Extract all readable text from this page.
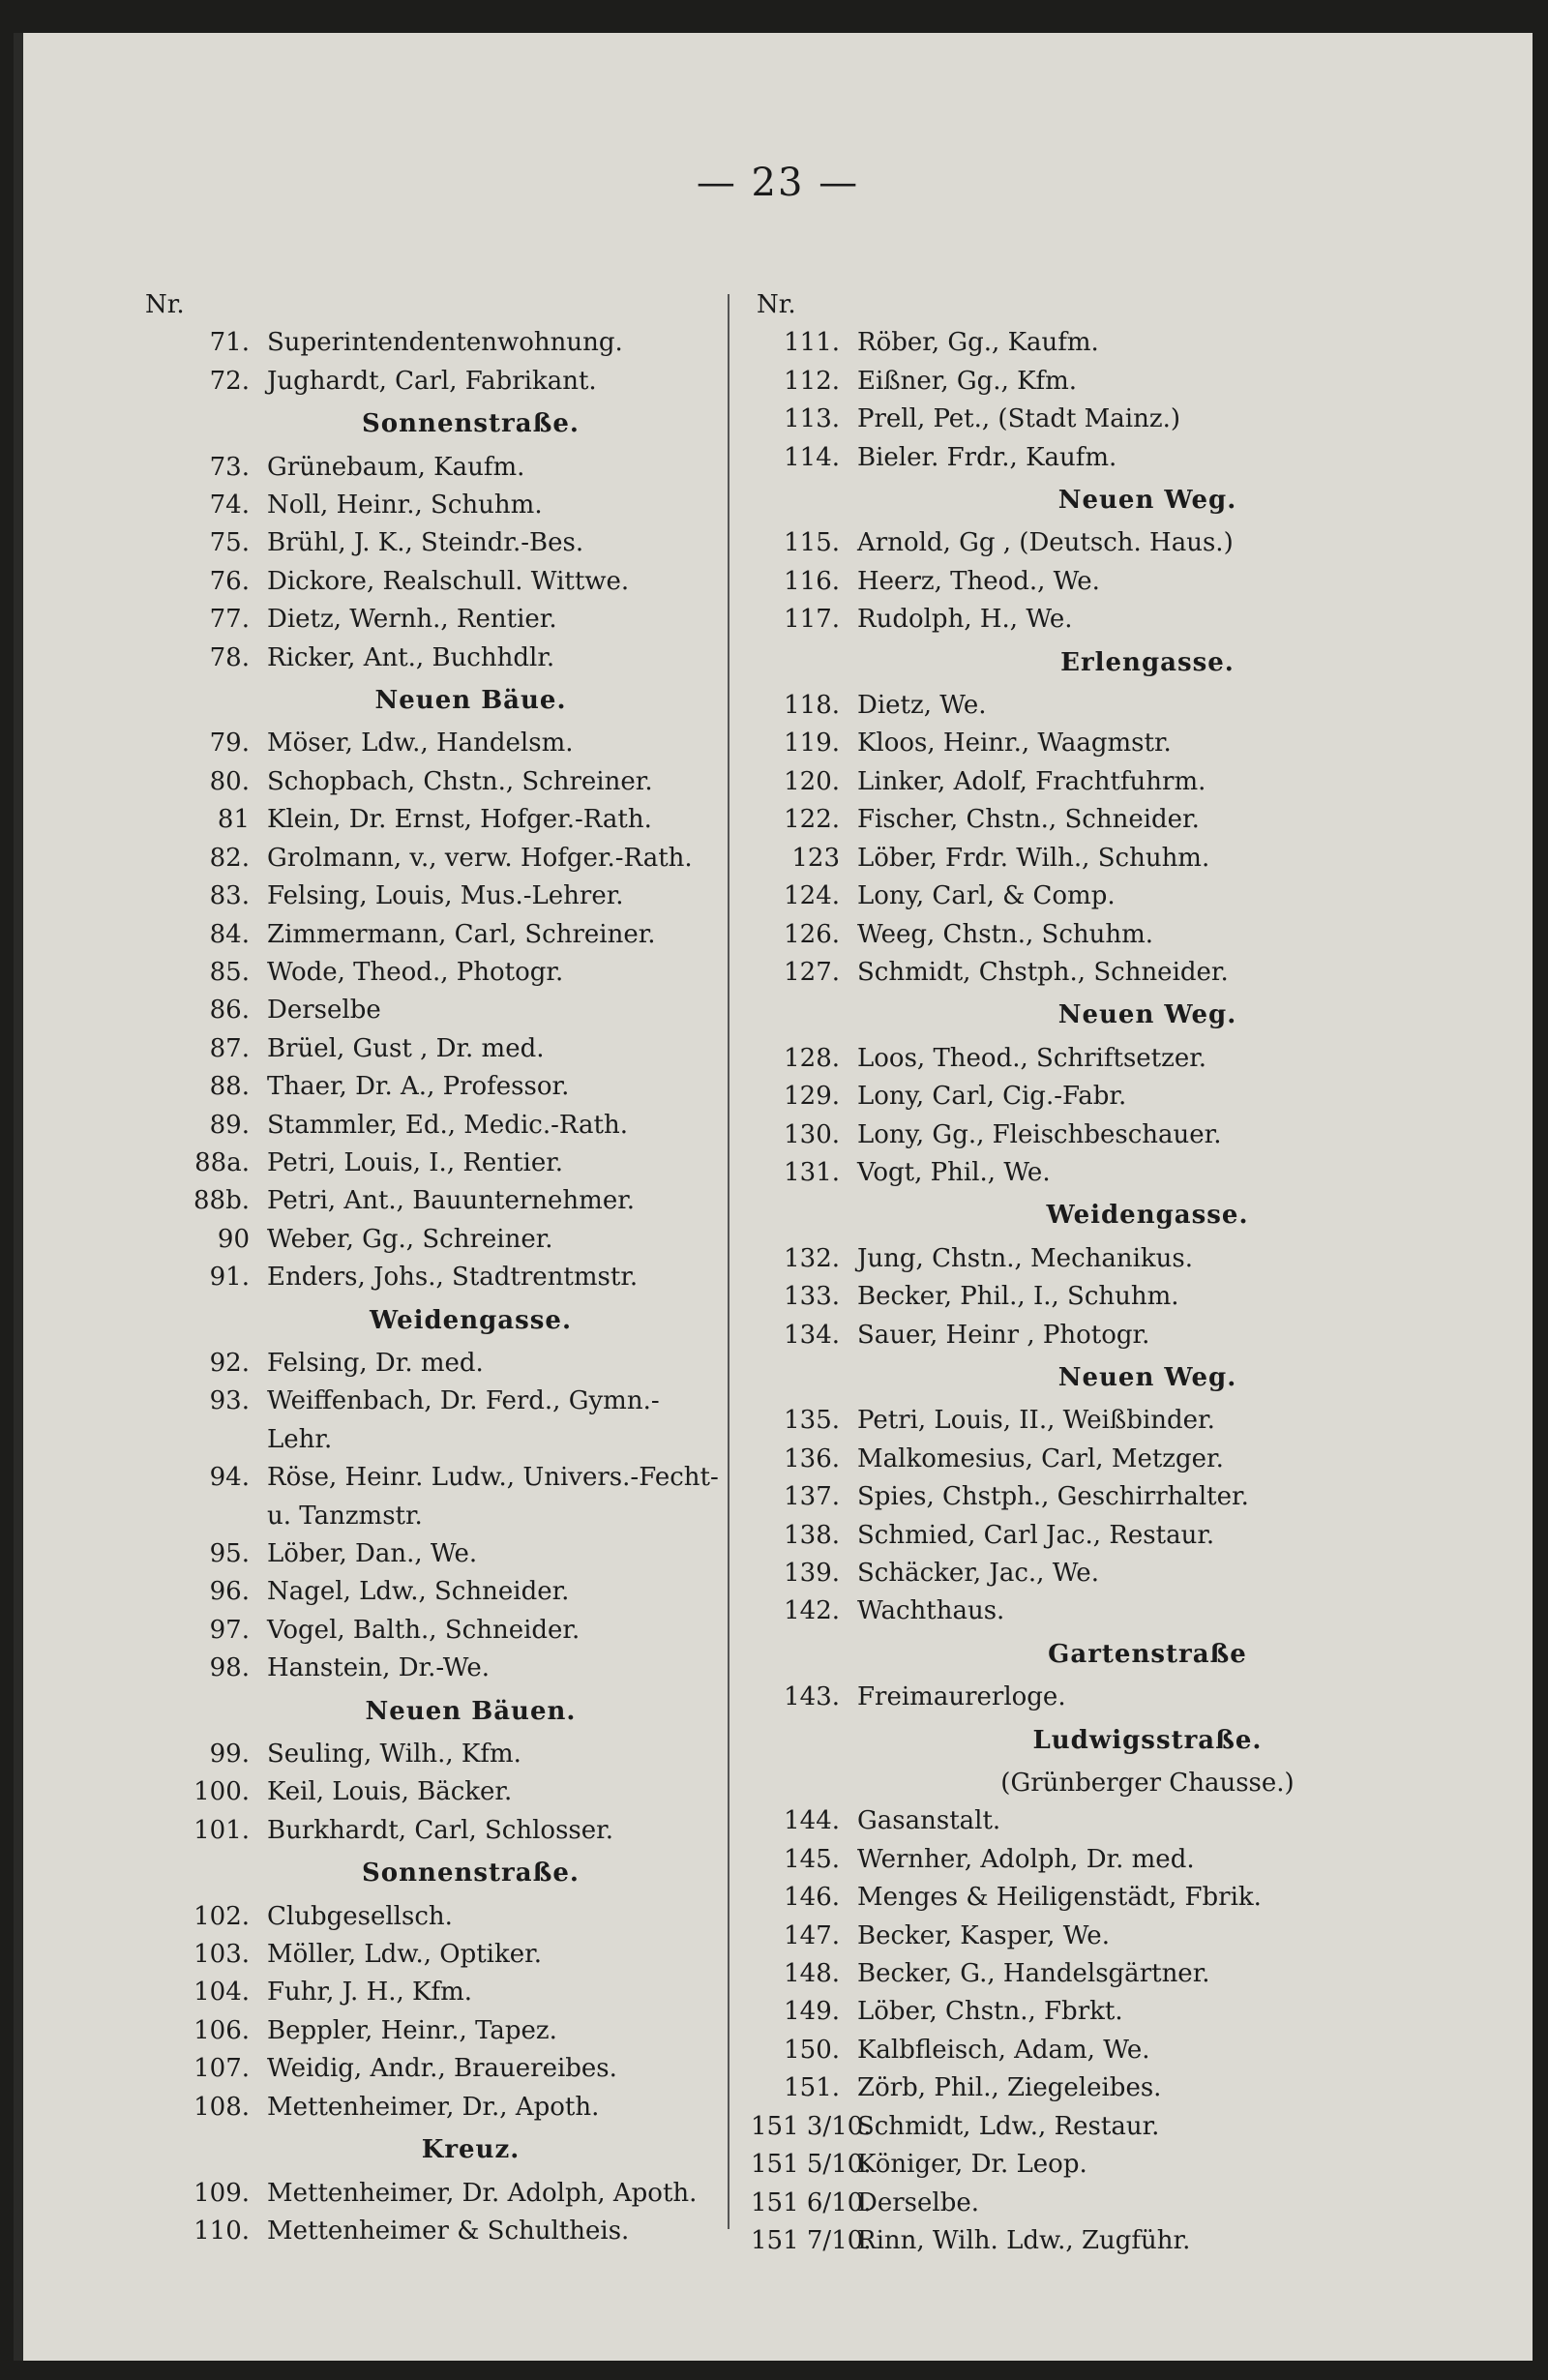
— 23 —
Nr.
71. Superintendentenwohnung.
72. Jughardt, Carl, Fabrikant.
Sonnenstraße.
73. Grünebaum, Kaufm.
74. Noll, Heinr., Schuhm.
75. Brühl, J. K., Steindr.-Bes.
76. Dickore, Realschull. Wittwe.
77. Dietz, Wernh., Rentier.
78. Ricker, Ant., Buchhdlr.
Neuen Bäue.
79. Möser, Ldw., Handelsm.
80. Schopbach, Chstn., Schreiner.
81 Klein, Dr. Ernst, Hofger.-Rath.
82. Grolmann, v., verw. Hofger.-Rath.
83. Felsing, Louis, Mus.-Lehrer.
84. Zimmermann, Carl, Schreiner.
85. Wode, Theod., Photogr.
86. Derselbe
87. Brüel, Gust , Dr. med.
88. Thaer, Dr. A., Professor.
89. Stammler, Ed., Medic.-Rath.
88a. Petri, Louis, I., Rentier.
88b. Petri, Ant., Bauunternehmer.
90 Weber, Gg., Schreiner.
91. Enders, Johs., Stadtrentmstr.
Weidengasse.
92. Felsing, Dr. med.
93. Weiffenbach, Dr. Ferd., Gymn.-
Lehr.
94. Röse, Heinr. Ludw., Univers.-Fecht-
u. Tanzmstr.
95. Löber, Dan., We.
96. Nagel, Ldw., Schneider.
97. Vogel, Balth., Schneider.
98. Hanstein, Dr.-We.
Neuen Bäuen.
99. Seuling, Wilh., Kfm.
100. Keil, Louis, Bäcker.
101. Burkhardt, Carl, Schlosser.
Sonnenstraße.
102. Clubgesellsch.
103. Möller, Ldw., Optiker.
104. Fuhr, J. H., Kfm.
106. Beppler, Heinr., Tapez.
107. Weidig, Andr., Brauereibes.
108. Mettenheimer, Dr., Apoth.
Kreuz.
109. Mettenheimer, Dr. Adolph, Apoth.
110. Mettenheimer & Schultheis.
Nr.
111. Röber, Gg., Kaufm.
112. Eißner, Gg., Kfm.
113. Prell, Pet., (Stadt Mainz.)
114. Bieler. Frdr., Kaufm.
Neuen Weg.
115. Arnold, Gg , (Deutsch. Haus.)
116. Heerz, Theod., We.
117. Rudolph, H., We.
Erlengasse.
118. Dietz, We.
119. Kloos, Heinr., Waagmstr.
120. Linker, Adolf, Frachtfuhrm.
122. Fischer, Chstn., Schneider.
123 Löber, Frdr. Wilh., Schuhm.
124. Lony, Carl, & Comp.
126. Weeg, Chstn., Schuhm.
127. Schmidt, Chstph., Schneider.
Neuen Weg.
128. Loos, Theod., Schriftsetzer.
129. Lony, Carl, Cig.-Fabr.
130. Lony, Gg., Fleischbeschauer.
131. Vogt, Phil., We.
Weidengasse.
132. Jung, Chstn., Mechanikus.
133. Becker, Phil., I., Schuhm.
134. Sauer, Heinr , Photogr.
Neuen Weg.
135. Petri, Louis, II., Weißbinder.
136. Malkomesius, Carl, Metzger.
137. Spies, Chstph., Geschirrhalter.
138. Schmied, Carl Jac., Restaur.
139. Schäcker, Jac., We.
142. Wachthaus.
Gartenstraße
143. Freimaurerloge.
Ludwigsstraße.
(Grünberger Chausse.)
144. Gasanstalt.
145. Wernher, Adolph, Dr. med.
146. Menges & Heiligenstädt, Fbrik.
147. Becker, Kasper, We.
148. Becker, G., Handelsgärtner.
149. Löber, Chstn., Fbrkt.
150. Kalbfleisch, Adam, We.
151. Zörb, Phil., Ziegeleibes.
151 3/10.
Schmidt, Ldw., Restaur.
151 5/10.
Königer, Dr. Leop.
151 6/10.
Derselbe.
151 7/10.
Rinn, Wilh. Ldw., Zugführ.
